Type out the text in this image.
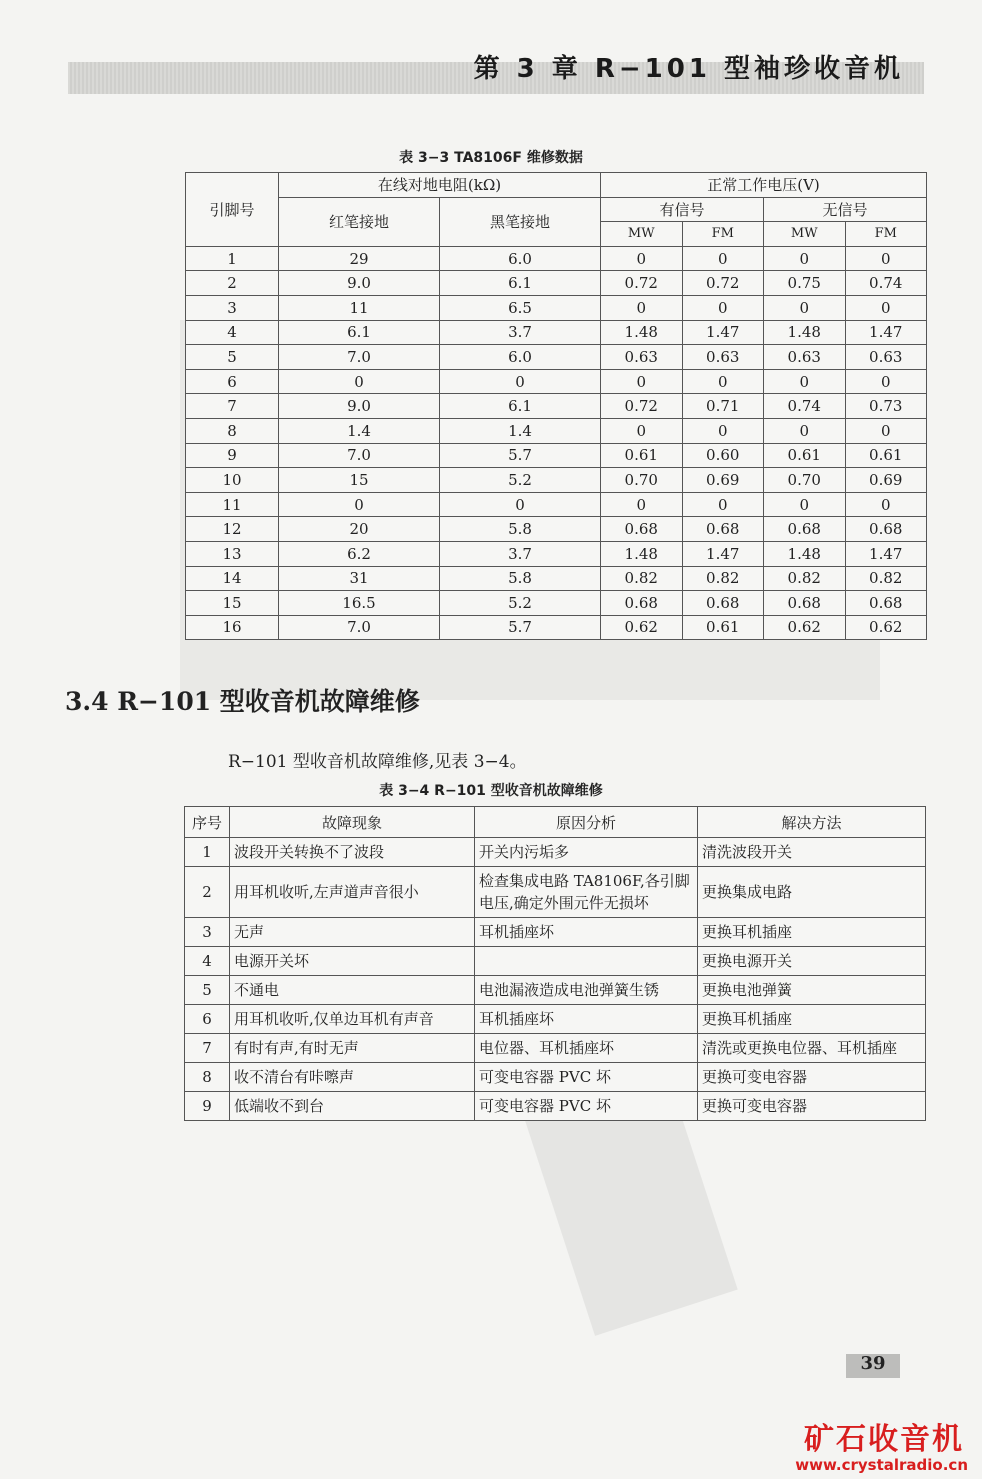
第 3 章 R−101 型袖珍收音机
表 3−3 TA8106F 维修数据
引脚号	在线对地电阻(kΩ)		正常工作电压(V)			
	红笔接地	黑笔接地	有信号		无信号	
			MW	FM	MW	FM
1	29	6.0	0	0	0	0
2	9.0	6.1	0.72	0.72	0.75	0.74
3	11	6.5	0	0	0	0
4	6.1	3.7	1.48	1.47	1.48	1.47
5	7.0	6.0	0.63	0.63	0.63	0.63
6	0	0	0	0	0	0
7	9.0	6.1	0.72	0.71	0.74	0.73
8	1.4	1.4	0	0	0	0
9	7.0	5.7	0.61	0.60	0.61	0.61
10	15	5.2	0.70	0.69	0.70	0.69
11	0	0	0	0	0	0
12	20	5.8	0.68	0.68	0.68	0.68
13	6.2	3.7	1.48	1.47	1.48	1.47
14	31	5.8	0.82	0.82	0.82	0.82
15	16.5	5.2	0.68	0.68	0.68	0.68
16	7.0	5.7	0.62	0.61	0.62	0.62
3.4 R−101 型收音机故障维修
R−101 型收音机故障维修,见表 3−4。
表 3−4 R−101 型收音机故障维修
序号	故障现象	原因分析	解决方法
1	波段开关转换不了波段	开关内污垢多	清洗波段开关
2	用耳机收听,左声道声音很小	检查集成电路 TA8106F,各引脚电压,确定外围元件无损坏	更换集成电路
3	无声	耳机插座坏	更换耳机插座
4	电源开关坏		更换电源开关
5	不通电	电池漏液造成电池弹簧生锈	更换电池弹簧
6	用耳机收听,仅单边耳机有声音	耳机插座坏	更换耳机插座
7	有时有声,有时无声	电位器、耳机插座坏	清洗或更换电位器、耳机插座
8	收不清台有咔嚓声	可变电容器 PVC 坏	更换可变电容器
9	低端收不到台	可变电容器 PVC 坏	更换可变电容器
39
矿石收音机
www.crystalradio.cn
